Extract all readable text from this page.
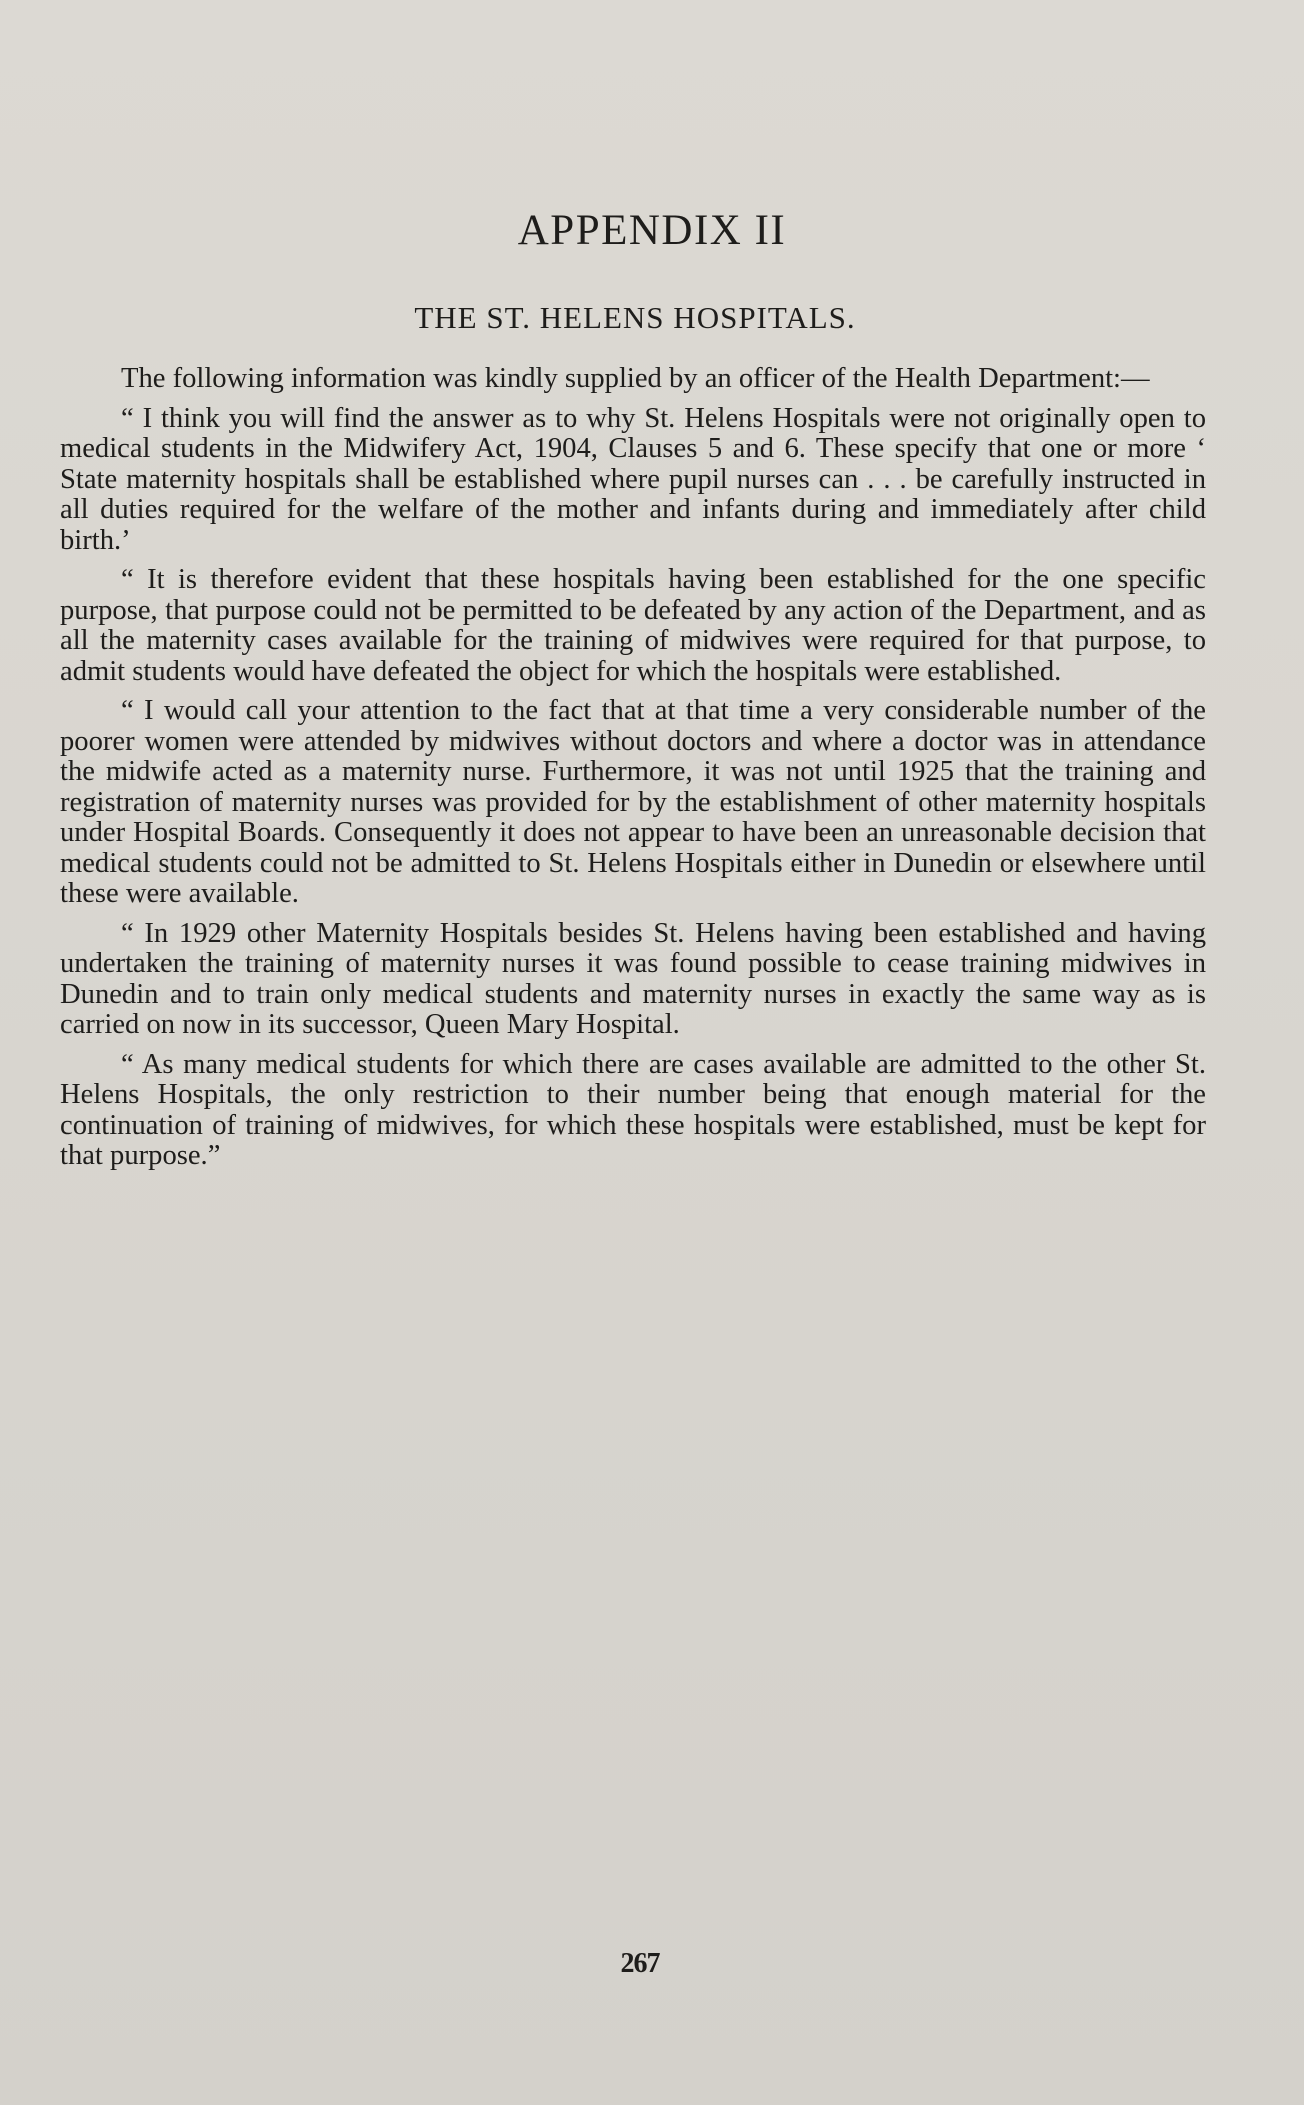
APPENDIX II
THE ST. HELENS HOSPITALS.

The following information was kindly supplied by an officer of the Health Department:—

“ I think you will find the answer as to why St. Helens Hospitals were not originally open to medical students in the Midwifery Act, 1904, Clauses 5 and 6. These specify that one or more ‘ State maternity hospitals shall be established where pupil nurses can . . . be carefully instructed in all duties required for the welfare of the mother and infants during and immediately after child birth.’

“ It is therefore evident that these hospitals having been established for the one specific purpose, that purpose could not be permitted to be defeated by any action of the Department, and as all the maternity cases available for the training of midwives were required for that purpose, to admit students would have defeated the object for which the hospitals were established.

“ I would call your attention to the fact that at that time a very considerable number of the poorer women were attended by midwives without doctors and where a doctor was in attendance the midwife acted as a maternity nurse. Furthermore, it was not until 1925 that the training and registration of maternity nurses was provided for by the establishment of other maternity hospitals under Hospital Boards. Consequently it does not appear to have been an unreasonable decision that medical students could not be admitted to St. Helens Hospitals either in Dunedin or elsewhere until these were available.

“ In 1929 other Maternity Hospitals besides St. Helens having been established and having undertaken the training of maternity nurses it was found possible to cease training midwives in Dunedin and to train only medical students and maternity nurses in exactly the same way as is carried on now in its successor, Queen Mary Hospital.

“ As many medical students for which there are cases available are admitted to the other St. Helens Hospitals, the only restriction to their number being that enough material for the continuation of training of midwives, for which these hospitals were established, must be kept for that purpose.”

267
